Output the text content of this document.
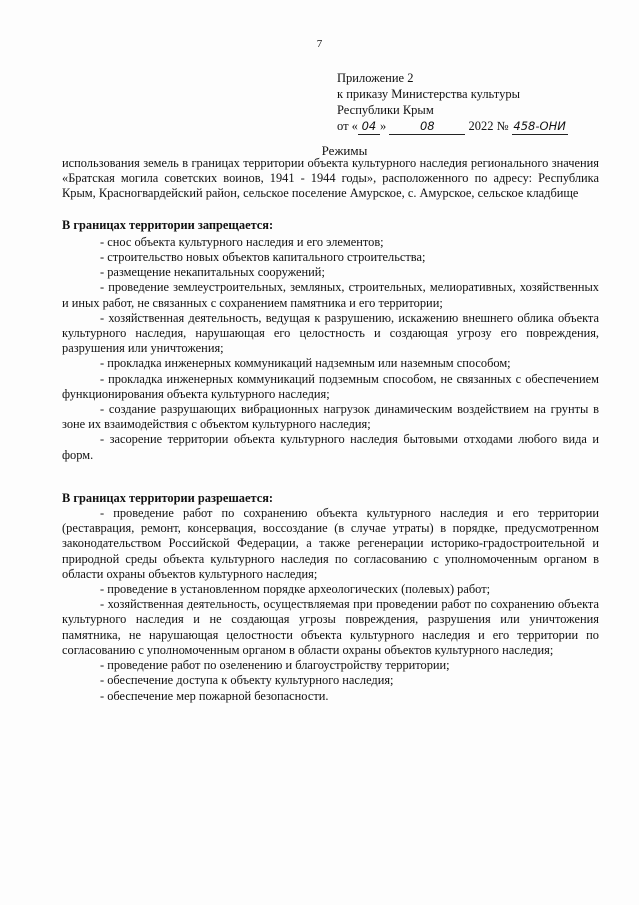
7
Приложение 2
к приказу Министерства культуры
Республики Крым
от « 04 »	08	2022 № 458-ОНИ
Режимы

использования земель в границах территории объекта культурного наследия регионального значения «Братская могила советских воинов, 1941 - 1944 годы», расположенного по адресу: Республика Крым, Красногвардейский район, сельское поселение Амурское, с. Амурское, сельское кладбище

В границах территории запрещается:

- снос объекта культурного наследия и его элементов;

- строительство новых объектов капитального строительства;

- размещение некапитальных сооружений;

- проведение землеустроительных, земляных, строительных, мелиоративных, хозяйственных и иных работ, не связанных с сохранением памятника и его территории;

- хозяйственная деятельность, ведущая к разрушению, искажению внешнего облика объекта культурного наследия, нарушающая его целостность и создающая угрозу его повреждения, разрушения или уничтожения;

- прокладка инженерных коммуникаций надземным или наземным способом;

- прокладка инженерных коммуникаций подземным способом, не связанных с обеспечением функционирования объекта культурного наследия;

- создание разрушающих вибрационных нагрузок динамическим воздействием на грунты в зоне их взаимодействия с объектом культурного наследия;

- засорение территории объекта культурного наследия бытовыми отходами любого вида и форм.

В границах территории разрешается:

- проведение работ по сохранению объекта культурного наследия и его территории (реставрация, ремонт, консервация, воссоздание (в случае утраты) в порядке, предусмотренном законодательством Российской Федерации, а также регенерации историко-градостроительной и природной среды объекта культурного наследия по согласованию с уполномоченным органом в области охраны объектов культурного наследия;

- проведение в установленном порядке археологических (полевых) работ;

- хозяйственная деятельность, осуществляемая при проведении работ по сохранению объекта культурного наследия и не создающая угрозы повреждения, разрушения или уничтожения памятника, не нарушающая целостности объекта культурного наследия и его территории по согласованию с уполномоченным органом в области охраны объектов культурного наследия;

- проведение работ по озеленению и благоустройству территории;

- обеспечение доступа к объекту культурного наследия;

- обеспечение мер пожарной безопасности.
